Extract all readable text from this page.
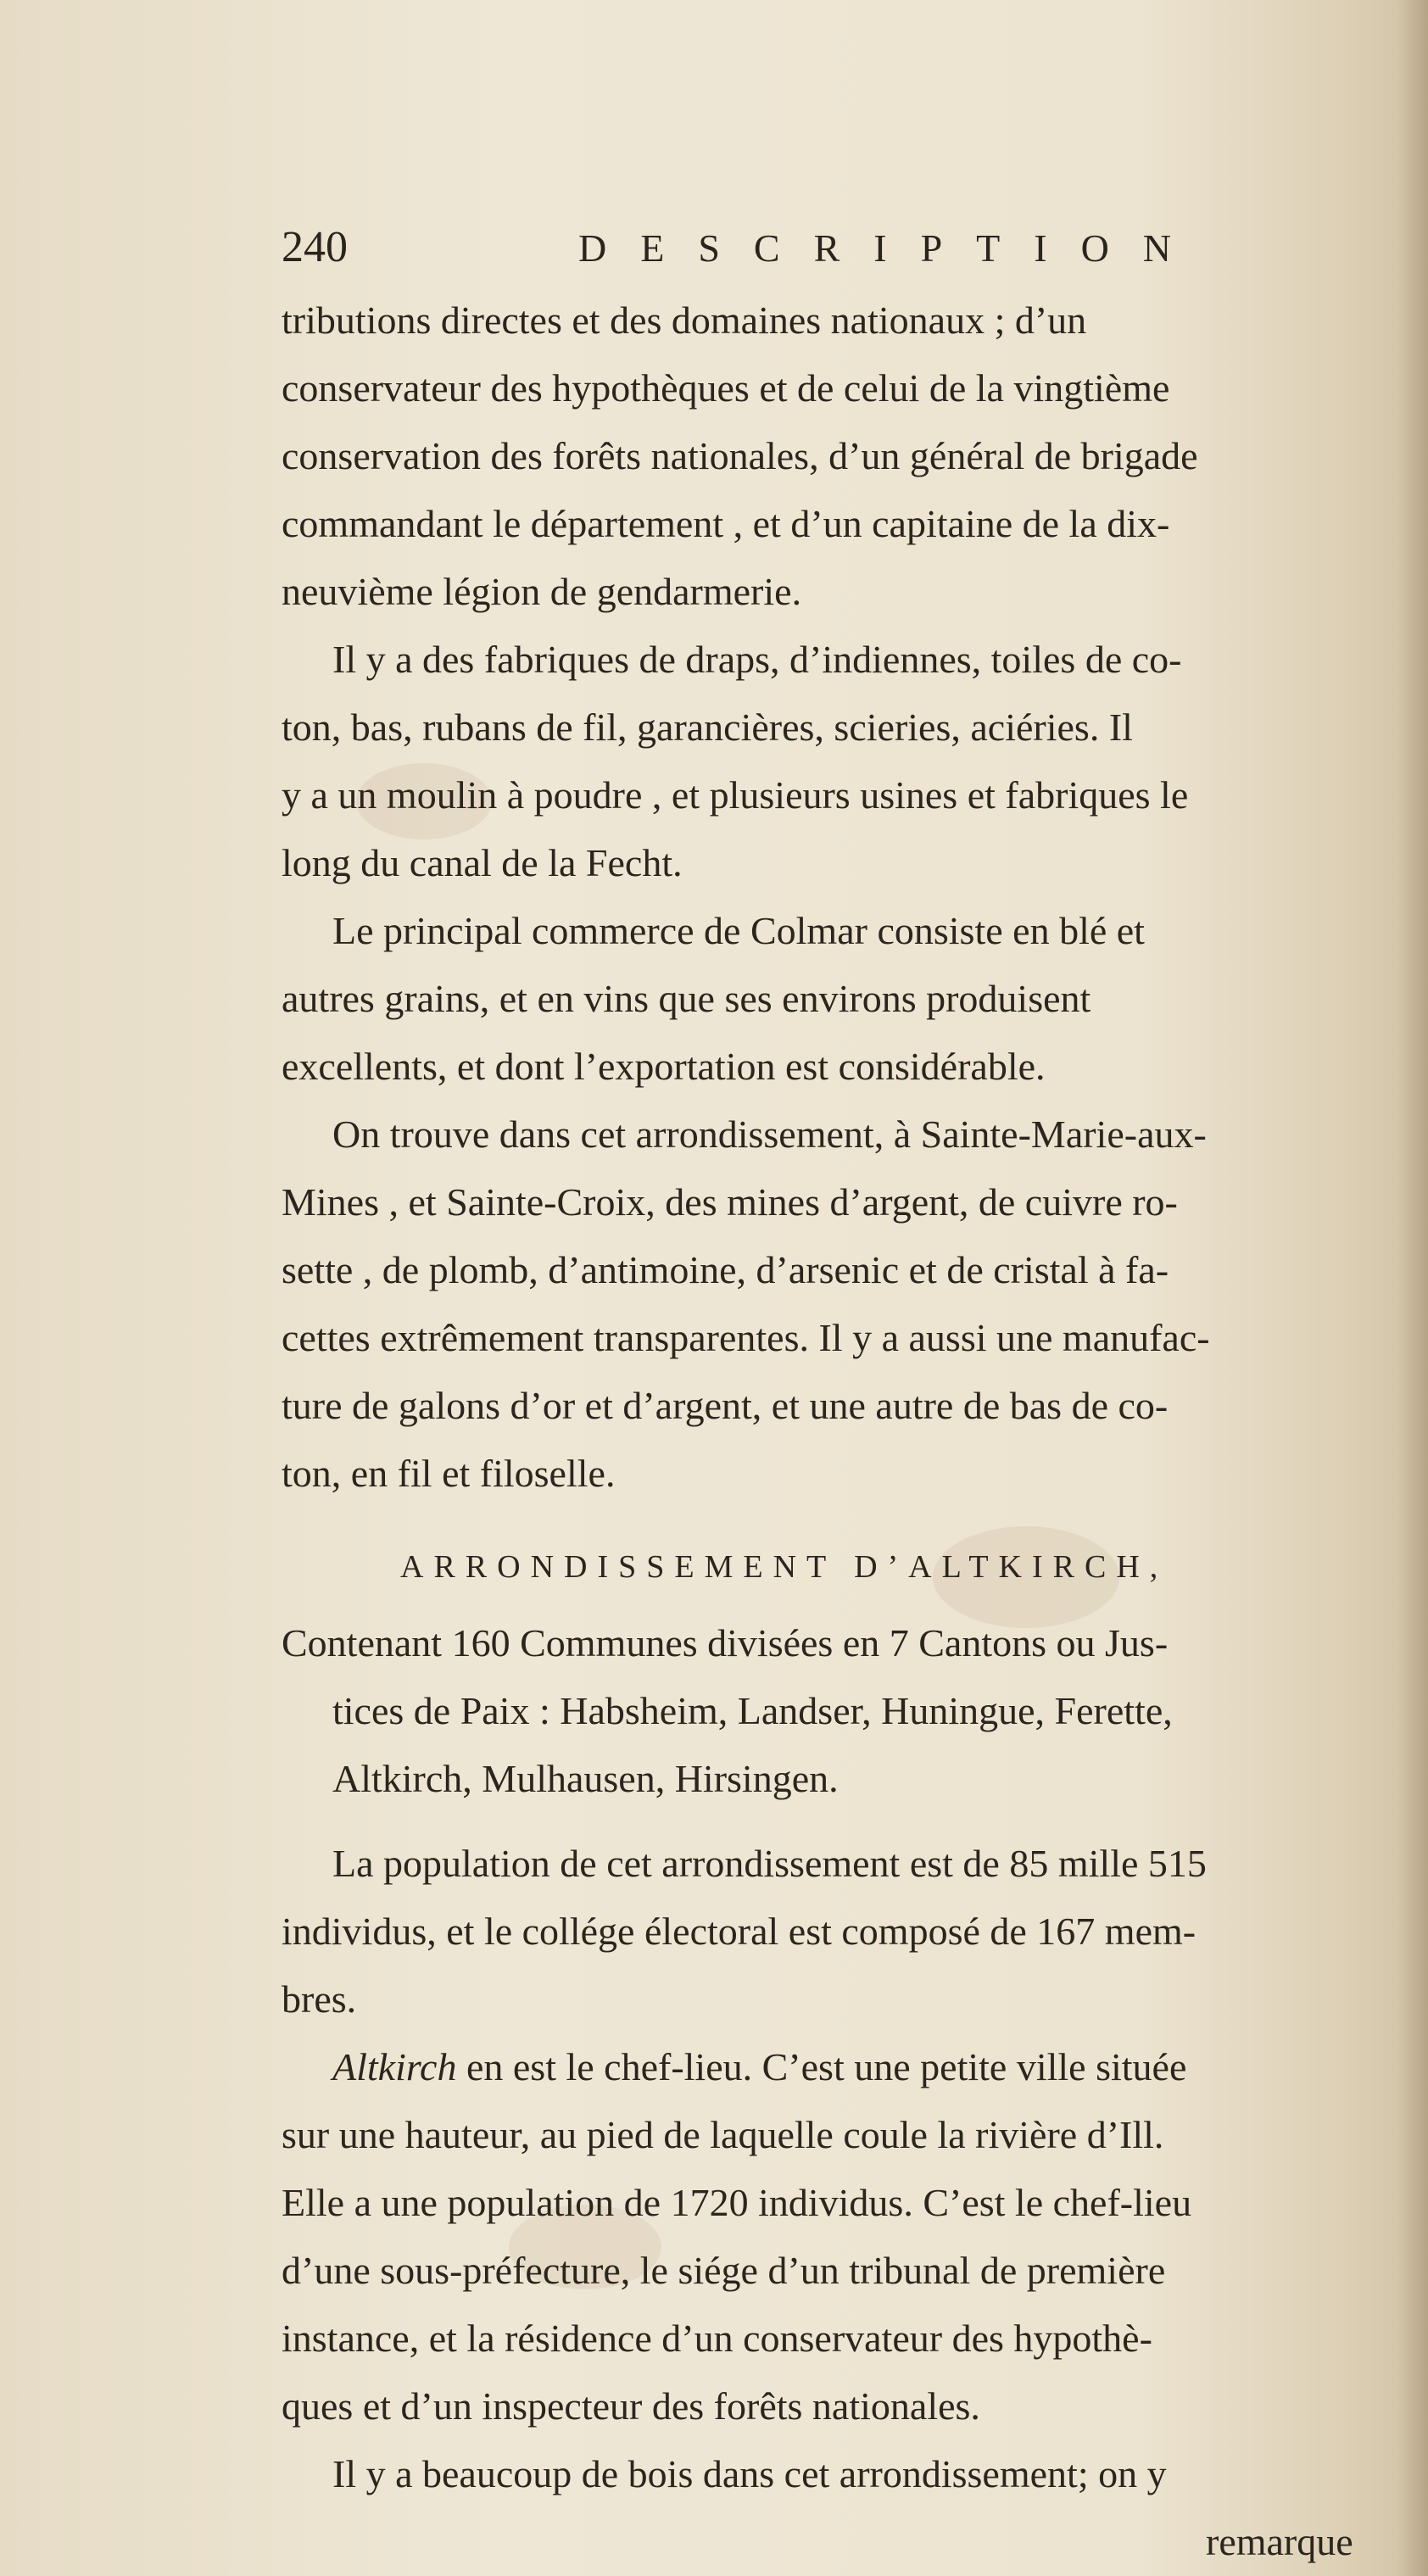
240	DESCRIPTION
tributions directes et des domaines nationaux ; d’un
conservateur des hypothèques et de celui de la vingtième
conservation des forêts nationales, d’un général de brigade
commandant le département , et d’un capitaine de la dix-
neuvième légion de gendarmerie.
Il y a des fabriques de draps, d’indiennes, toiles de co-
ton, bas, rubans de fil, garancières, scieries, aciéries. Il
y a un moulin à poudre , et plusieurs usines et fabriques le
long du canal de la Fecht.
Le principal commerce de Colmar consiste en blé et
autres grains, et en vins que ses environs produisent
excellents, et dont l’exportation est considérable.
On trouve dans cet arrondissement, à Sainte-Marie-aux-
Mines , et Sainte-Croix, des mines d’argent, de cuivre ro-
sette , de plomb, d’antimoine, d’arsenic et de cristal à fa-
cettes extrêmement transparentes. Il y a aussi une manufac-
ture de galons d’or et d’argent, et une autre de bas de co-
ton, en fil et filoselle.
ARRONDISSEMENT D’ALTKIRCH,
Contenant 160 Communes divisées en 7 Cantons ou Jus-
tices de Paix : Habsheim, Landser, Huningue, Ferette,
Altkirch, Mulhausen, Hirsingen.
La population de cet arrondissement est de 85 mille 515
individus, et le collége électoral est composé de 167 mem-
bres.
Altkirch en est le chef-lieu. C’est une petite ville située
sur une hauteur, au pied de laquelle coule la rivière d’Ill.
Elle a une population de 1720 individus. C’est le chef-lieu
d’une sous-préfecture, le siége d’un tribunal de première
instance, et la résidence d’un conservateur des hypothè-
ques et d’un inspecteur des forêts nationales.
Il y a beaucoup de bois dans cet arrondissement; on y
remarque
